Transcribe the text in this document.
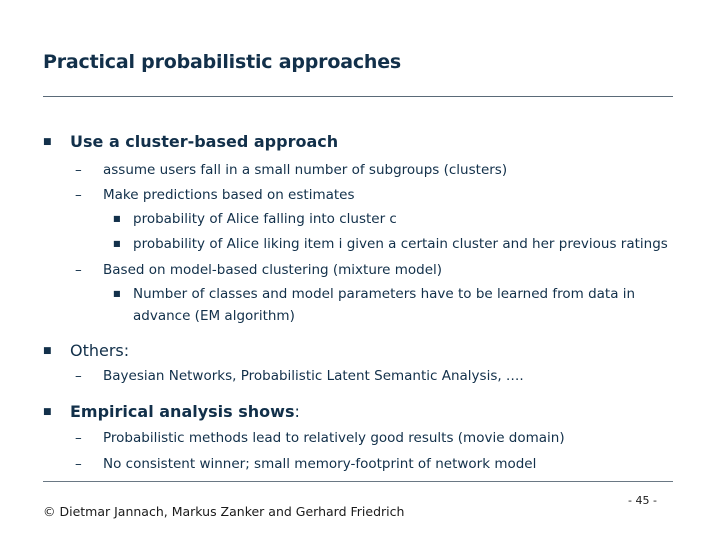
Practical probabilistic approaches
■ Use a cluster-based approach
– assume users fall in a small number of subgroups (clusters)
– Make predictions based on estimates
■ probability of Alice falling into cluster c
■ probability of Alice liking item i given a certain cluster and her previous ratings
– Based on model-based clustering (mixture model)
■ Number of classes and model parameters have to be learned from data in
advance (EM algorithm)
■ Others:
– Bayesian Networks, Probabilistic Latent Semantic Analysis, ….
■ Empirical analysis shows:
– Probabilistic methods lead to relatively good results (movie domain)
– No consistent winner; small memory-footprint of network model
© Dietmar Jannach, Markus Zanker and Gerhard Friedrich
- 45 -
